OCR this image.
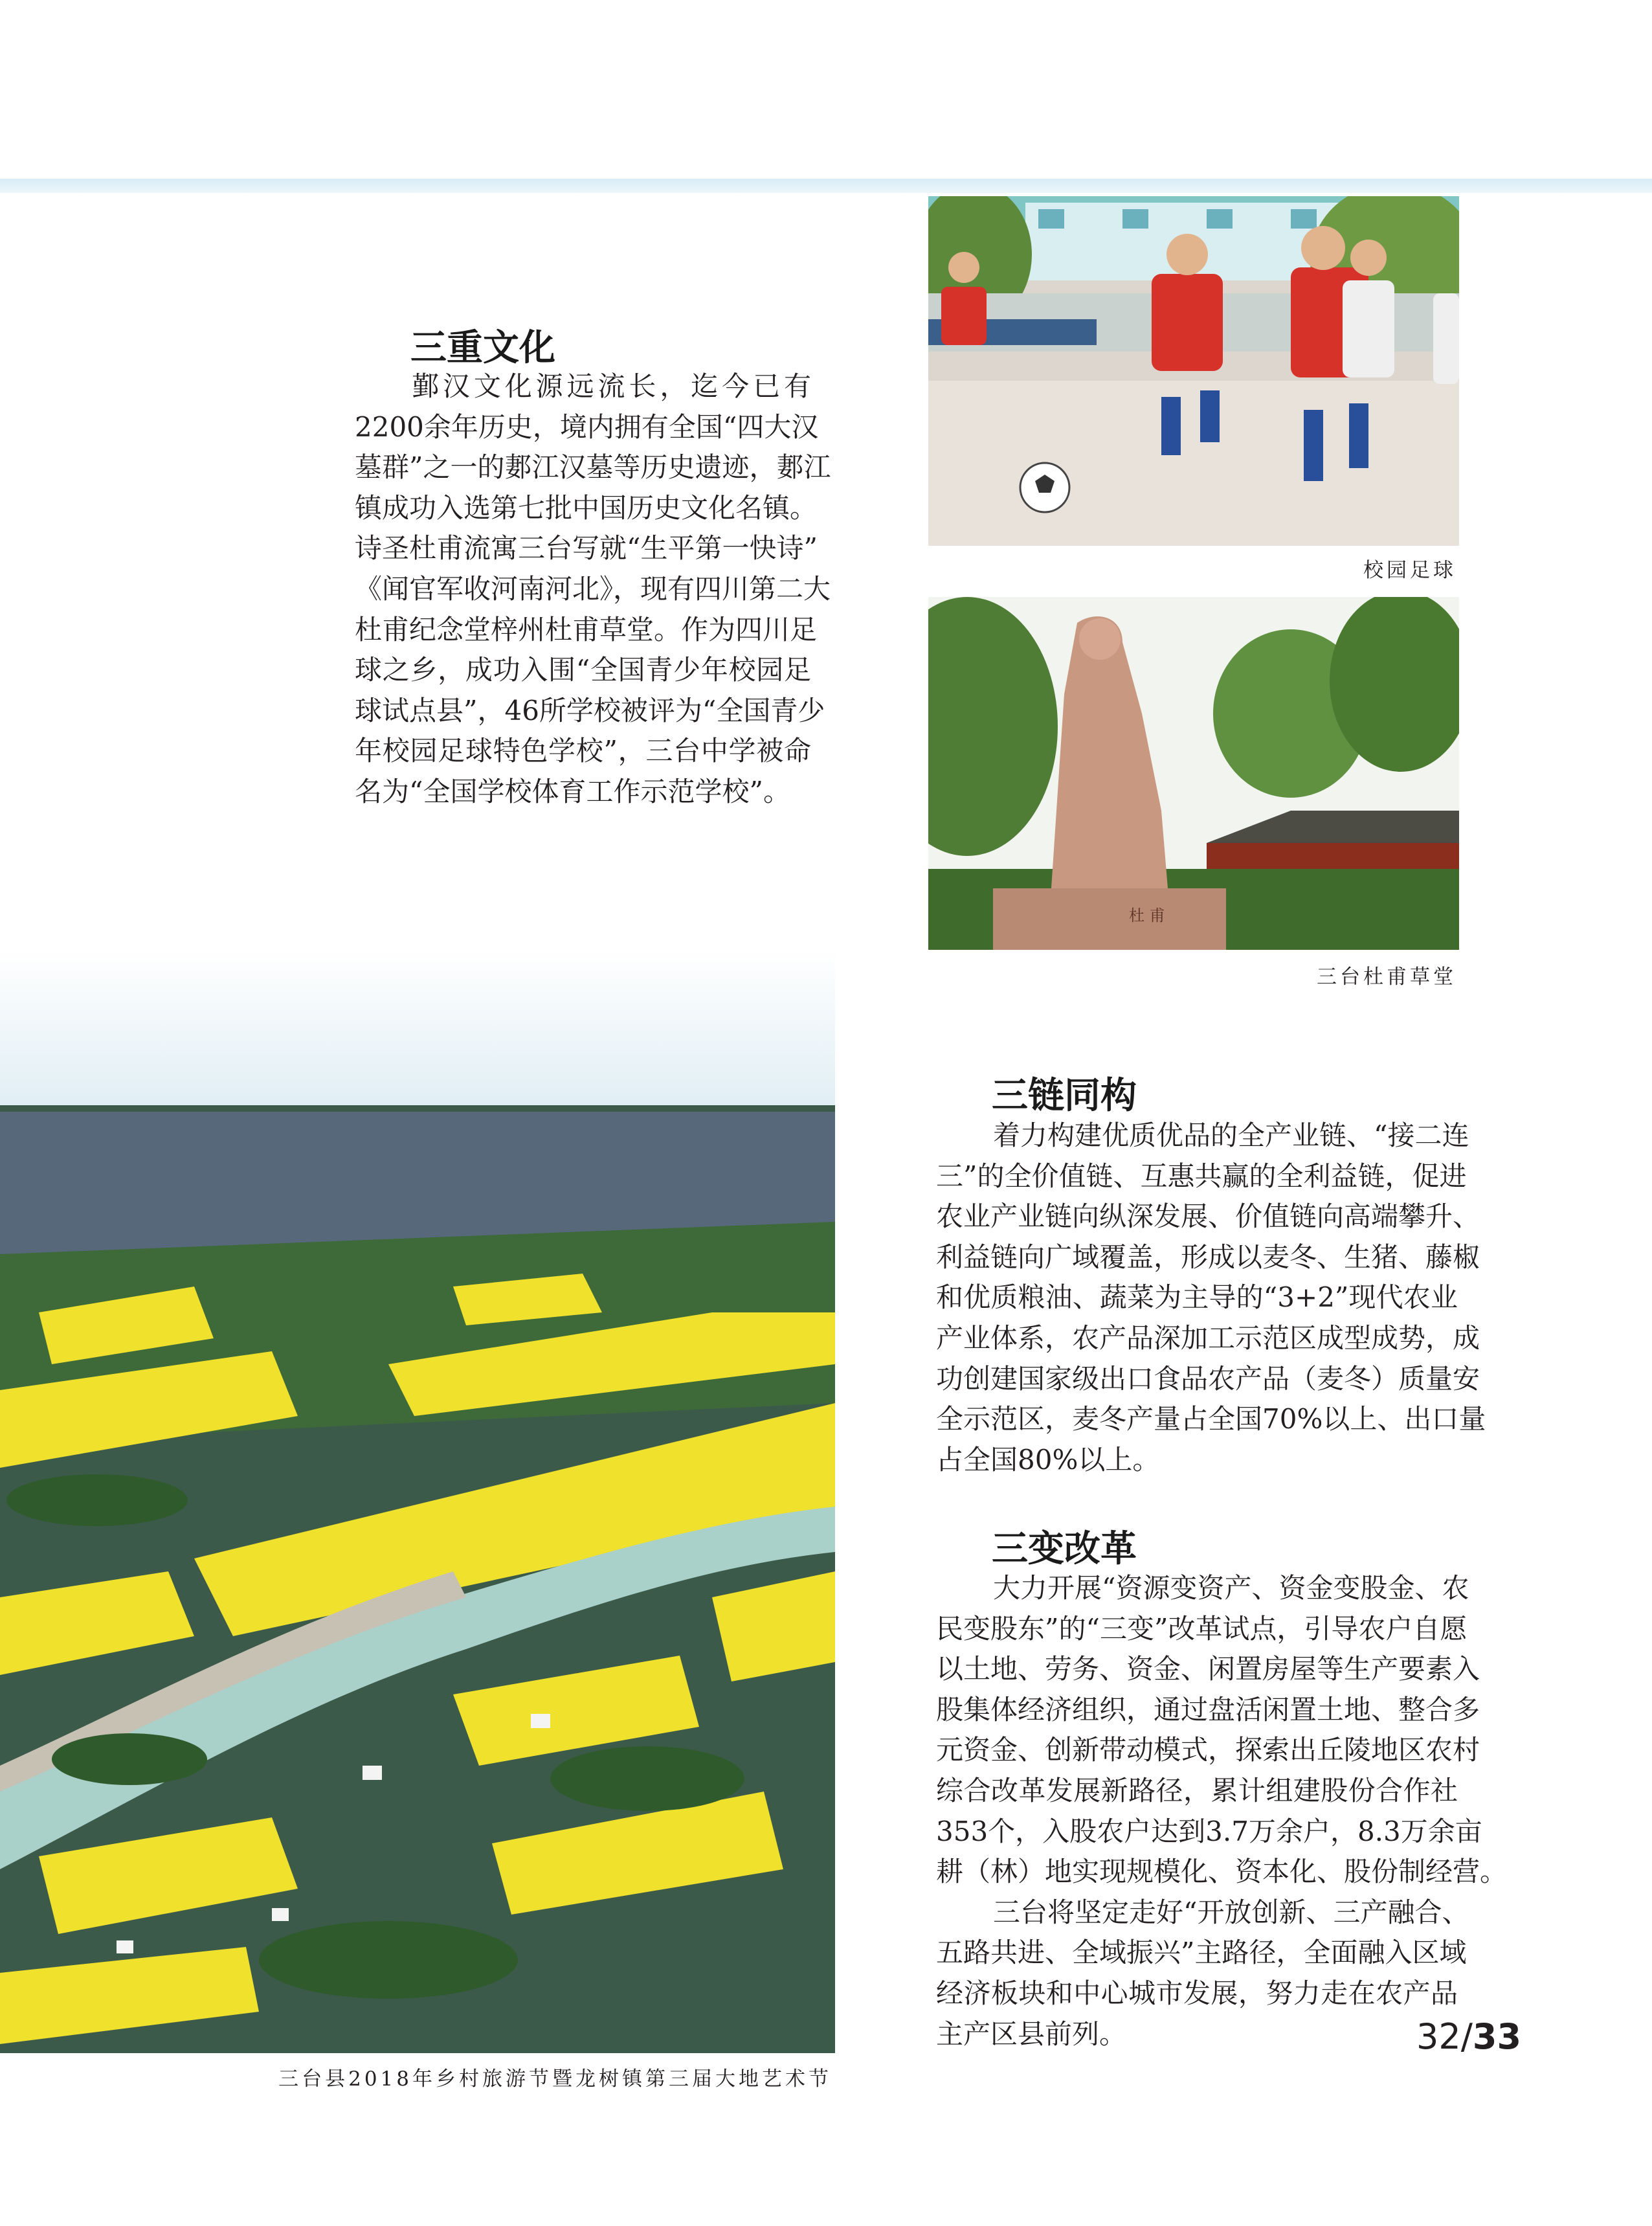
校园足球
杜 甫
三台杜甫草堂
三台县2018年乡村旅游节暨龙树镇第三届大地艺术节
三重文化
鄞汉文化源远流长，迄今已有
2200余年历史，境内拥有全国“四大汉
墓群”之一的郪江汉墓等历史遗迹，郪江
镇成功入选第七批中国历史文化名镇。
诗圣杜甫流寓三台写就“生平第一快诗”
《闻官军收河南河北》，现有四川第二大
杜甫纪念堂梓州杜甫草堂。作为四川足
球之乡，成功入围“全国青少年校园足
球试点县”，46所学校被评为“全国青少
年校园足球特色学校”，三台中学被命
名为“全国学校体育工作示范学校”。
三链同构
着力构建优质优品的全产业链、“接二连
三”的全价值链、互惠共赢的全利益链，促进
农业产业链向纵深发展、价值链向高端攀升、
利益链向广域覆盖，形成以麦冬、生猪、藤椒
和优质粮油、蔬菜为主导的“3+2”现代农业
产业体系，农产品深加工示范区成型成势，成
功创建国家级出口食品农产品（麦冬）质量安
全示范区，麦冬产量占全国70%以上、出口量
占全国80%以上。
三变改革
大力开展“资源变资产、资金变股金、农
民变股东”的“三变”改革试点，引导农户自愿
以土地、劳务、资金、闲置房屋等生产要素入
股集体经济组织，通过盘活闲置土地、整合多
元资金、创新带动模式，探索出丘陵地区农村
综合改革发展新路径，累计组建股份合作社
353个，入股农户达到3.7万余户，8.3万余亩
耕（林）地实现规模化、资本化、股份制经营。
三台将坚定走好“开放创新、三产融合、
五路共进、全域振兴”主路径，全面融入区域
经济板块和中心城市发展，努力走在农产品
主产区县前列。	32/33
